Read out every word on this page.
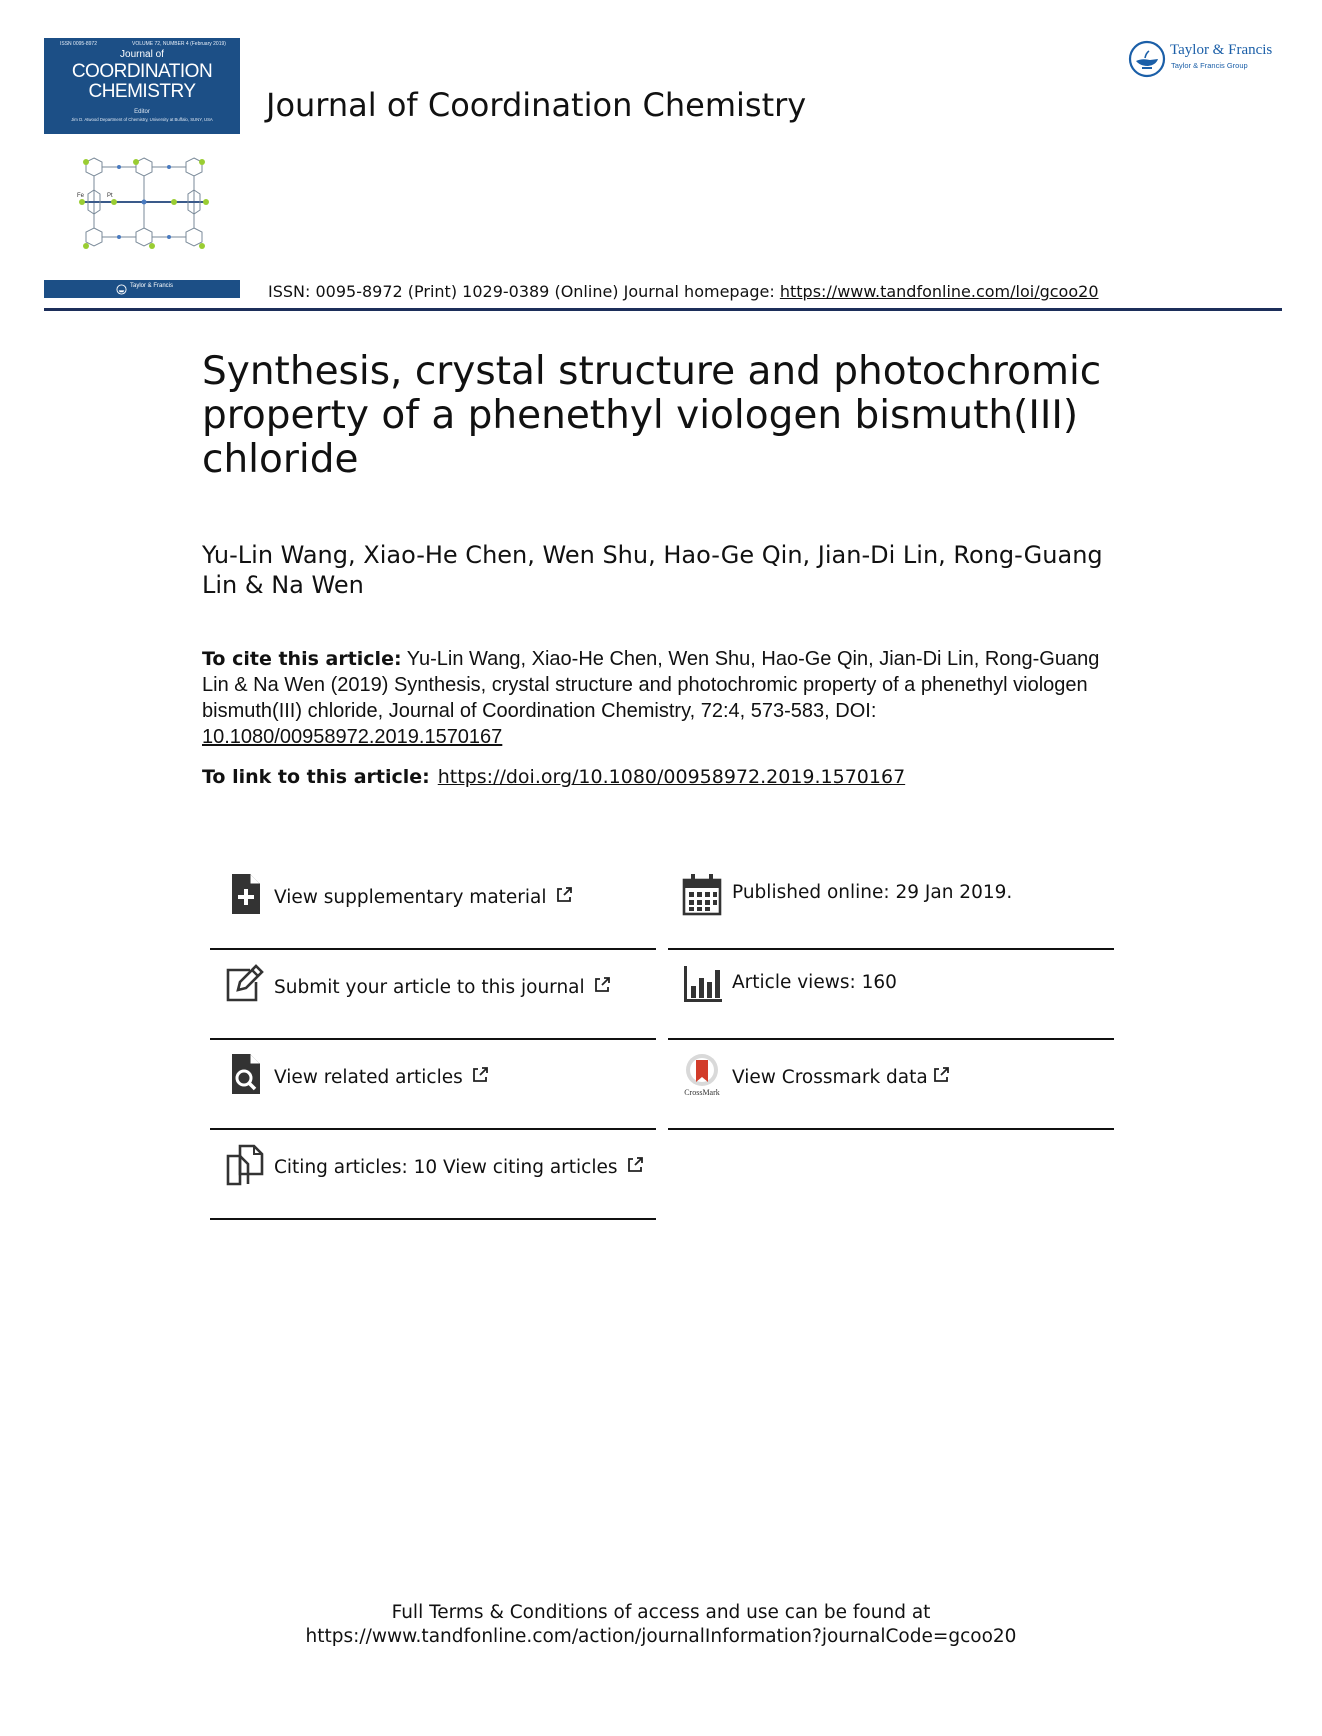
ISSN 0095-8972	VOLUME 72, NUMBER 4 (February 2019)
Journal of
COORDINATION
CHEMISTRY
Editor
Jim D. Atwood Department of Chemistry, University at Buffalo, SUNY, USA
Fe	Pt
Taylor & Francis
Journal of Coordination Chemistry
Taylor & Francis
Taylor & Francis Group
ISSN: 0095-8972 (Print) 1029-0389 (Online) Journal homepage: https://www.tandfonline.com/loi/gcoo20
Synthesis, crystal structure and photochromic property of a phenethyl viologen bismuth(III) chloride
Yu-Lin Wang, Xiao-He Chen, Wen Shu, Hao-Ge Qin, Jian-Di Lin, Rong-Guang Lin & Na Wen
To cite this article: Yu-Lin Wang, Xiao-He Chen, Wen Shu, Hao-Ge Qin, Jian-Di Lin, Rong-Guang Lin & Na Wen (2019) Synthesis, crystal structure and photochromic property of a phenethyl viologen bismuth(III) chloride, Journal of Coordination Chemistry, 72:4, 573-583, DOI: 10.1080/00958972.2019.1570167
To link to this article: https://doi.org/10.1080/00958972.2019.1570167
View supplementary material
Submit your article to this journal
View related articles
Citing articles: 10 View citing articles
Published online: 29 Jan 2019.
Article views: 160
CrossMark
View Crossmark data
Full Terms & Conditions of access and use can be found at
https://www.tandfonline.com/action/journalInformation?journalCode=gcoo20
